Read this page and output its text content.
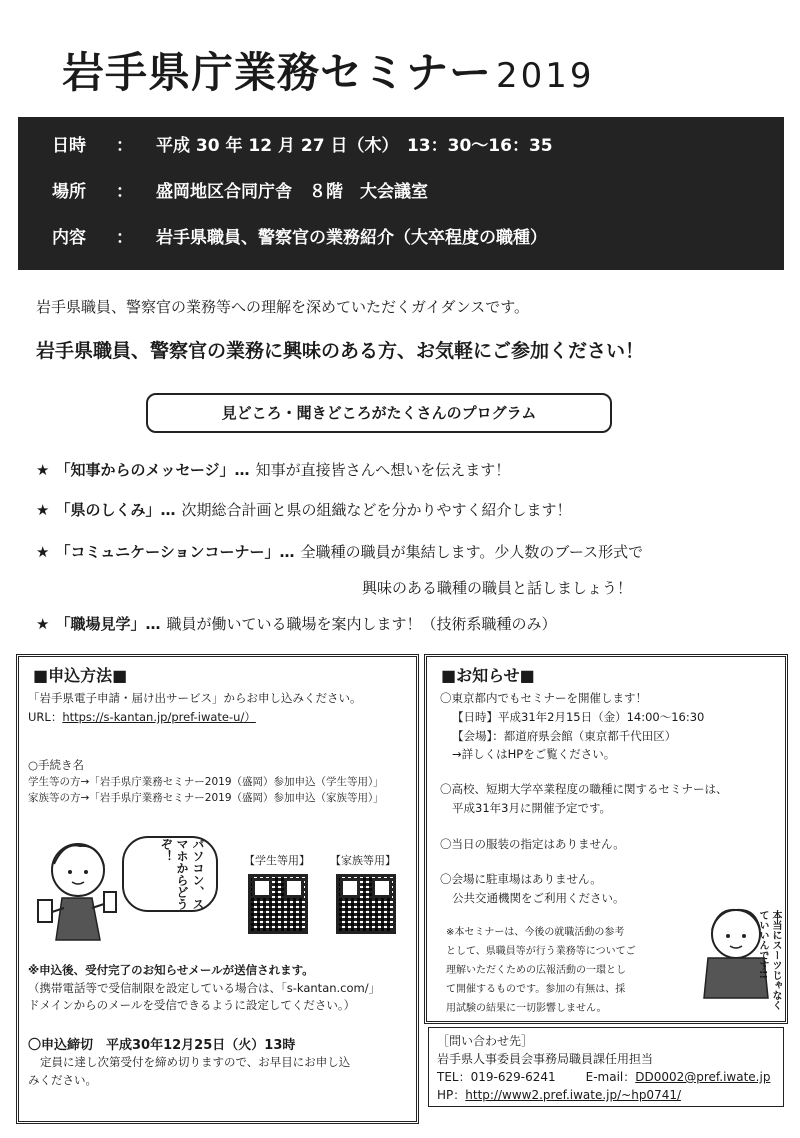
岩手県庁業務セミナー 2019
日時 ： 平成 30 年 12 月 27 日（木）　13：30～16：35
場所 ： 盛岡地区合同庁舎　８階　大会議室
内容 ： 岩手県職員、警察官の業務紹介（大卒程度の職種）
岩手県職員、警察官の業務等への理解を深めていただくガイダンスです。
岩手県職員、警察官の業務に興味のある方、お気軽にご参加ください！
見どころ・聞きどころがたくさんのプログラム
★ 「知事からのメッセージ」… 知事が直接皆さんへ想いを伝えます！
★ 「県のしくみ」… 次期総合計画と県の組織などを分かりやすく紹介します！
★ 「コミュニケーションコーナー」… 全職種の職員が集結します。少人数のブース形式で
興味のある職種の職員と話しましょう！
★ 「職場見学」… 職員が働いている職場を案内します！（技術系職種のみ）
■申込方法■
「岩手県電子申請・届け出サービス」からお申し込みください。
URL：https://s-kantan.jp/pref-iwate-u/）
○手続き名
学生等の方→「岩手県庁業務セミナー2019（盛岡）参加申込（学生等用）」
家族等の方→「岩手県庁業務セミナー2019（盛岡）参加申込（家族等用）」
パソコン、スマホからどうぞ！	【学生等用】 【家族等用】
※申込後、受付完了のお知らせメールが送信されます。
（携帯電話等で受信制限を設定している場合は、「s-kantan.com/」
ドメインからのメールを受信できるように設定してください。）
〇申込締切　平成30年12月25日（火）13時
定員に達し次第受付を締め切りますので、お早目にお申し込
みください。
■お知らせ■
〇東京都内でもセミナーを開催します！
【日時】平成31年2月15日（金）14:00～16:30
【会場】：都道府県会館（東京都千代田区）
→詳しくはHPをご覧ください。
〇高校、短期大学卒業程度の職種に関するセミナーは、
平成31年3月に開催予定です。
〇当日の服装の指定はありません。
〇会場に駐車場はありません。
公共交通機関をご利用ください。
※本セミナーは、今後の就職活動の参考
として、県職員等が行う業務等についてご
理解いただくための広報活動の一環とし
て開催するものです。参加の有無は、採
用試験の結果に一切影響しません。	本当にスーツじゃなくていいんです!!
［問い合わせ先］
岩手県人事委員会事務局職員課任用担当
TEL：019-629-6241	E-mail：DD0002@pref.iwate.jp
HP：http://www2.pref.iwate.jp/~hp0741/
